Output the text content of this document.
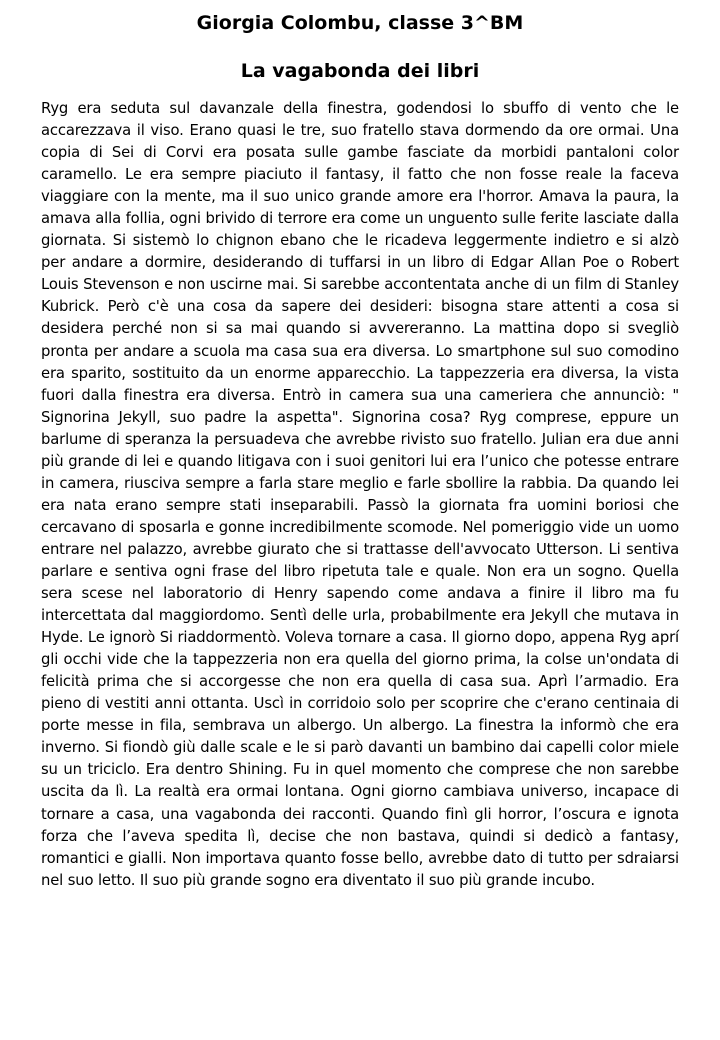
Giorgia Colombu, classe 3^BM
La vagabonda dei libri

Ryg era seduta sul davanzale della finestra, godendosi lo sbuffo di vento che le accarezzava il viso. Erano quasi le tre, suo fratello stava dormendo da ore ormai. Una copia di Sei di Corvi era posata sulle gambe fasciate da morbidi pantaloni color caramello. Le era sempre piaciuto il fantasy, il fatto che non fosse reale la faceva viaggiare con la mente, ma il suo unico grande amore era l'horror. Amava la paura, la amava alla follia, ogni brivido di terrore era come un unguento sulle ferite lasciate dalla giornata. Si sistemò lo chignon ebano che le ricadeva leggermente indietro e si alzò per andare a dormire, desiderando di tuffarsi in un libro di Edgar Allan Poe o Robert Louis Stevenson e non uscirne mai. Si sarebbe accontentata anche di un film di Stanley Kubrick. Però c'è una cosa da sapere dei desideri: bisogna stare attenti a cosa si desidera perché non si sa mai quando si avvereranno. La mattina dopo si svegliò pronta per andare a scuola ma casa sua era diversa. Lo smartphone sul suo comodino era sparito, sostituito da un enorme apparecchio. La tappezzeria era diversa, la vista fuori dalla finestra era diversa. Entrò in camera sua una cameriera che annunciò: " Signorina Jekyll, suo padre la aspetta". Signorina cosa? Ryg comprese, eppure un barlume di speranza la persuadeva che avrebbe rivisto suo fratello. Julian era due anni più grande di lei e quando litigava con i suoi genitori lui era l’unico che potesse entrare in camera, riusciva sempre a farla stare meglio e farle sbollire la rabbia. Da quando lei era nata erano sempre stati inseparabili. Passò la giornata fra uomini boriosi che cercavano di sposarla e gonne incredibilmente scomode. Nel pomeriggio vide un uomo entrare nel palazzo, avrebbe giurato che si trattasse dell'avvocato Utterson. Li sentiva parlare e sentiva ogni frase del libro ripetuta tale e quale. Non era un sogno. Quella sera scese nel laboratorio di Henry sapendo come andava a finire il libro ma fu intercettata dal maggiordomo. Sentì delle urla, probabilmente era Jekyll che mutava in Hyde. Le ignorò Si riaddormentò. Voleva tornare a casa. Il giorno dopo, appena Ryg aprí gli occhi vide che la tappezzeria non era quella del giorno prima, la colse un'ondata di felicità prima che si accorgesse che non era quella di casa sua. Aprì l’armadio. Era pieno di vestiti anni ottanta. Uscì in corridoio solo per scoprire che c'erano centinaia di porte messe in fila, sembrava un albergo. Un albergo. La finestra la informò che era inverno. Si fiondò giù dalle scale e le si parò davanti un bambino dai capelli color miele su un triciclo. Era dentro Shining. Fu in quel momento che comprese che non sarebbe uscita da lì. La realtà era ormai lontana. Ogni giorno cambiava universo, incapace di tornare a casa, una vagabonda dei racconti. Quando finì gli horror, l’oscura e ignota forza che l’aveva spedita lì, decise che non bastava, quindi si dedicò a fantasy, romantici e gialli. Non importava quanto fosse bello, avrebbe dato di tutto per sdraiarsi nel suo letto. Il suo più grande sogno era diventato il suo più grande incubo.
